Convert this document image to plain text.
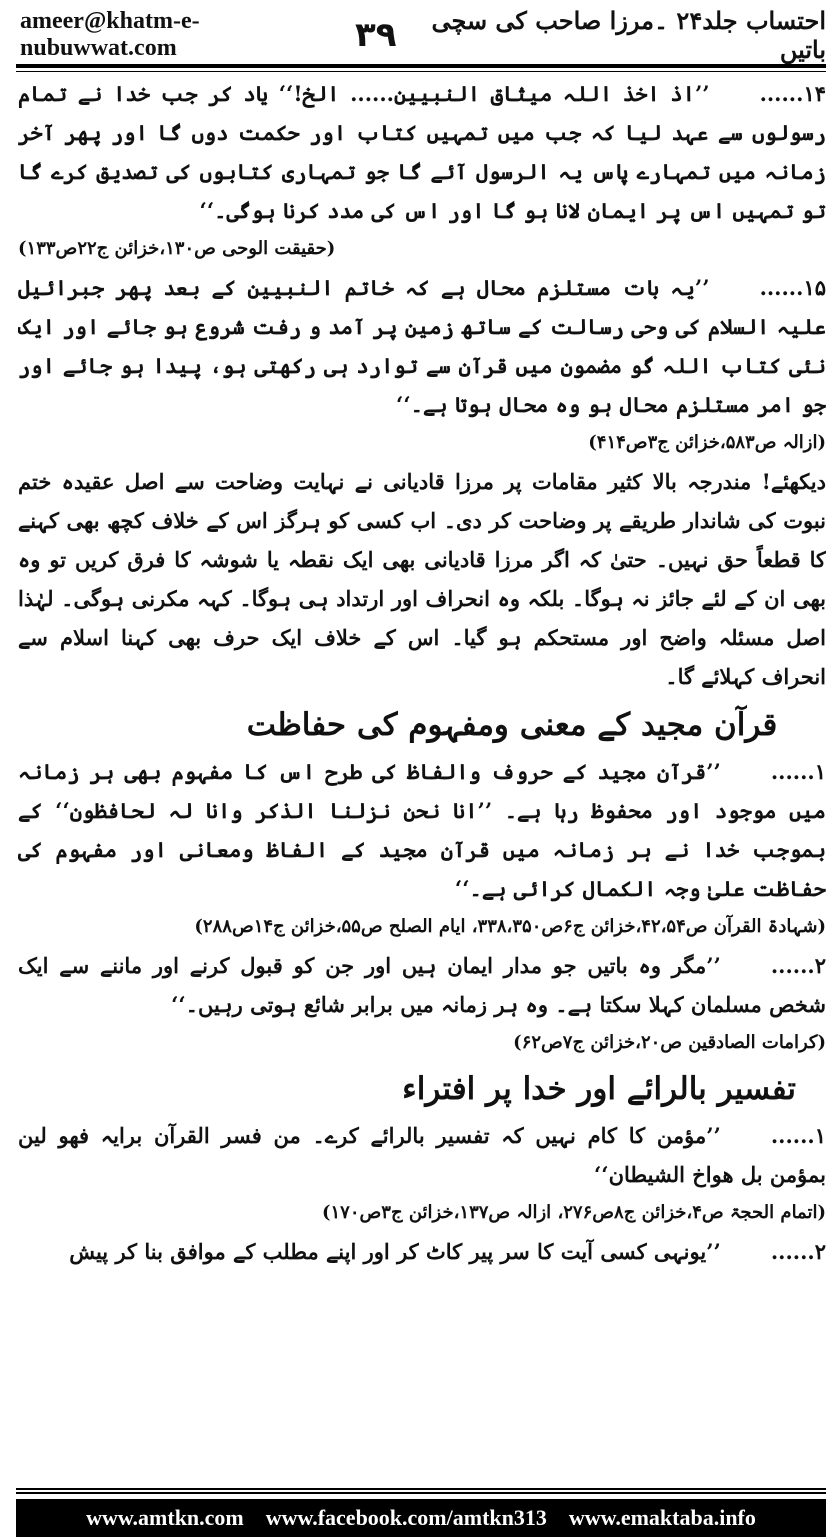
ameer@khatm-e-nubuwwat.com	۳۹	احتساب جلد۲۴ ۔مرزا صاحب کی سچی باتیں

۱۴......’’اذ اخذ اللہ میثاق النبیین...... الخ!‘‘ یاد کر جب خدا نے تمام رسولوں سے عہد لیا کہ جب میں تمہیں کتاب اور حکمت دوں گا اور پھر آخر زمانہ میں تمہارے پاس یہ الرسول آئے گا جو تمہاری کتابوں کی تصدیق کرے گا تو تمہیں اس پر ایمان لانا ہو گا اور اس کی مدد کرنا ہوگی۔‘‘

(حقیقت الوحی ص۱۳۰،خزائن ج۲۲ص۱۳۳)

۱۵......’’یہ بات مستلزم محال ہے کہ خاتم النبیین کے بعد پھر جبرائیل علیہ السلام کی وحی رسالت کے ساتھ زمین پر آمد و رفت شروع ہو جائے اور ایک نئی کتاب اللہ گو مضمون میں قرآن سے توارد ہی رکھتی ہو، پیدا ہو جائے اور جو امر مستلزم محال ہو وہ محال ہوتا ہے۔‘‘

(ازالہ ص۵۸۳،خزائن ج۳ص۴۱۴)

دیکھئے! مندرجہ بالا کثیر مقامات پر مرزا قادیانی نے نہایت وضاحت سے اصل عقیدہ ختم نبوت کی شاندار طریقے پر وضاحت کر دی۔ اب کسی کو ہرگز اس کے خلاف کچھ بھی کہنے کا قطعاً حق نہیں۔ حتیٰ کہ اگر مرزا قادیانی بھی ایک نقطہ یا شوشہ کا فرق کریں تو وہ بھی ان کے لئے جائز نہ ہوگا۔ بلکہ وہ انحراف اور ارتداد ہی ہوگا۔ کہہ مکرنی ہوگی۔ لہٰذا اصل مسئلہ واضح اور مستحکم ہو گیا۔ اس کے خلاف ایک حرف بھی کہنا اسلام سے انحراف کہلائے گا۔

قرآن مجید کے معنی ومفہوم کی حفاظت

۱......’’قرآن مجید کے حروف والفاظ کی طرح اس کا مفہوم بھی ہر زمانہ میں موجود اور محفوظ رہا ہے۔ ’’انا نحن نزلنا الذکر وانا لہ لحافظون‘‘ کے بموجب خدا نے ہر زمانہ میں قرآن مجید کے الفاظ ومعانی اور مفہوم کی حفاظت علیٰ وجہ الکمال کرائی ہے۔‘‘

(شہادۃ القرآن ص۴۲،۵۴،خزائن ج۶ص۳۳۸،۳۵۰، ایام الصلح ص۵۵،خزائن ج۱۴ص۲۸۸)

۲......’’مگر وہ باتیں جو مدار ایمان ہیں اور جن کو قبول کرنے اور ماننے سے ایک شخص مسلمان کہلا سکتا ہے۔ وہ ہر زمانہ میں برابر شائع ہوتی رہیں۔‘‘

(کرامات الصادقین ص۲۰،خزائن ج۷ص۶۲)
تفسیر بالرائے اور خدا پر افتراء

۱......’’مؤمن کا کام نہیں کہ تفسیر بالرائے کرے۔ من فسر القرآن برایہ فھو لین بمؤمن بل ھواخ الشیطان‘‘

(اتمام الحجۃ ص۴،خزائن ج۸ص۲۷۶، ازالہ ص۱۳۷،خزائن ج۳ص۱۷۰)

۲......’’یونہی کسی آیت کا سر پیر کاٹ کر اور اپنے مطلب کے موافق بنا کر پیش

www.amtkn.com www.facebook.com/amtkn313 www.emaktaba.info
